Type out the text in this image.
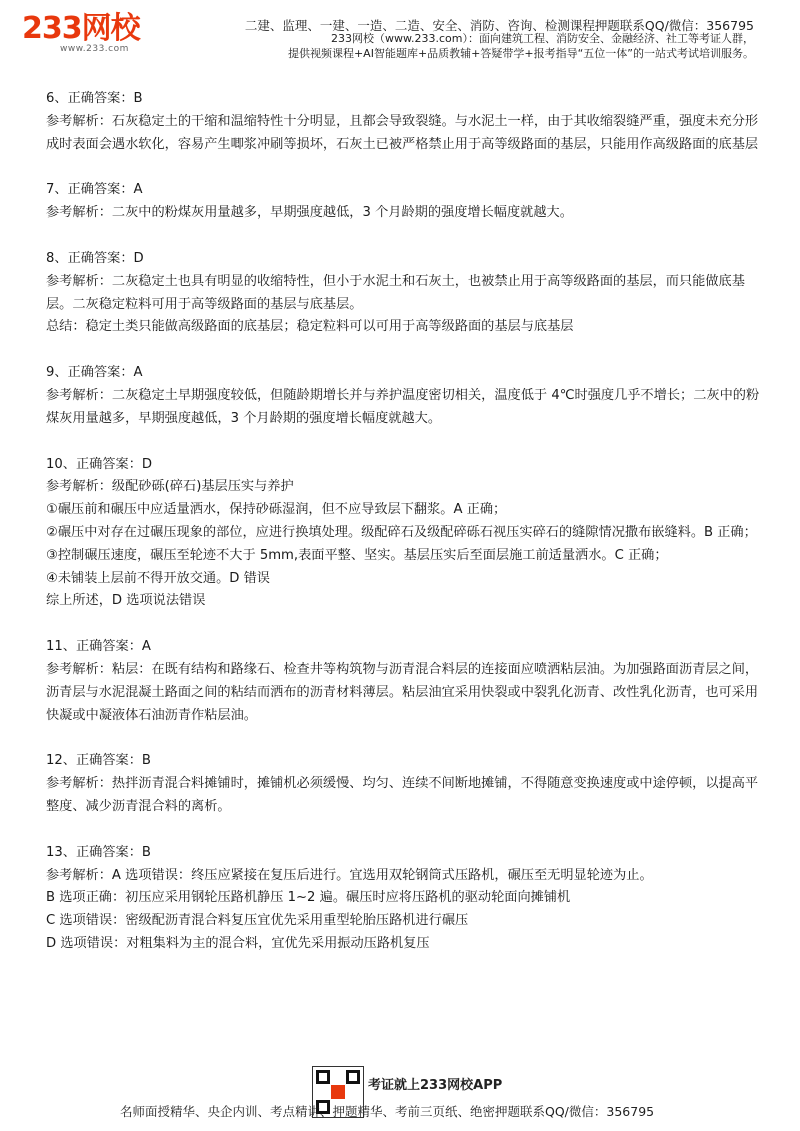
233网校
www.233.com
二建、监理、一建、一造、二造、安全、消防、咨询、检测课程押题联系QQ/微信：356795
233网校（www.233.com）：面向建筑工程、消防安全、金融经济、社工等考证人群，
提供视频课程+AI智能题库+品质教辅+答疑带学+报考指导“五位一体”的一站式考试培训服务。

6、正确答案：B

参考解析：石灰稳定土的干缩和温缩特性十分明显，且都会导致裂缝。与水泥土一样，由于其收缩裂缝严重，强度未充分形成时表面会遇水软化，容易产生唧浆冲刷等损坏，石灰土已被严格禁止用于高等级路面的基层，只能用作高级路面的底基层

7、正确答案：A

参考解析：二灰中的粉煤灰用量越多，早期强度越低，3 个月龄期的强度增长幅度就越大。

8、正确答案：D

参考解析：二灰稳定土也具有明显的收缩特性，但小于水泥土和石灰土，也被禁止用于高等级路面的基层，而只能做底基层。二灰稳定粒料可用于高等级路面的基层与底基层。

总结：稳定土类只能做高级路面的底基层；稳定粒料可以可用于高等级路面的基层与底基层

9、正确答案：A

参考解析：二灰稳定土早期强度较低，但随龄期增长并与养护温度密切相关，温度低于 4℃时强度几乎不增长；二灰中的粉煤灰用量越多，早期强度越低，3 个月龄期的强度增长幅度就越大。

10、正确答案：D

参考解析：级配砂砾(碎石)基层压实与养护

①碾压前和碾压中应适量洒水，保持砂砾湿润，但不应导致层下翻浆。A 正确；

②碾压中对存在过碾压现象的部位，应进行换填处理。级配碎石及级配碎砾石视压实碎石的缝隙情况撒布嵌缝料。B 正确；

③控制碾压速度，碾压至轮迹不大于 5mm,表面平整、坚实。基层压实后至面层施工前适量洒水。C 正确；

④未铺装上层前不得开放交通。D 错误

综上所述，D 选项说法错误

11、正确答案：A

参考解析：粘层：在既有结构和路缘石、检查井等构筑物与沥青混合料层的连接面应喷洒粘层油。为加强路面沥青层之间，沥青层与水泥混凝土路面之间的粘结而洒布的沥青材料薄层。粘层油宜采用快裂或中裂乳化沥青、改性乳化沥青，也可采用快凝或中凝液体石油沥青作粘层油。

12、正确答案：B

参考解析：热拌沥青混合料摊铺时，摊铺机必须缓慢、均匀、连续不间断地摊铺，不得随意变换速度或中途停顿，以提高平整度、减少沥青混合料的离析。

13、正确答案：B

参考解析：A 选项错误：终压应紧接在复压后进行。宜选用双轮钢筒式压路机，碾压至无明显轮迹为止。

B 选项正确：初压应采用钢轮压路机静压 1~2 遍。碾压时应将压路机的驱动轮面向摊铺机

C 选项错误：密级配沥青混合料复压宜优先采用重型轮胎压路机进行碾压

D 选项错误：对粗集料为主的混合料，宜优先采用振动压路机复压

考证就上233网校APP
名师面授精华、央企内训、考点精讲、押题精华、考前三页纸、绝密押题联系QQ/微信：356795
